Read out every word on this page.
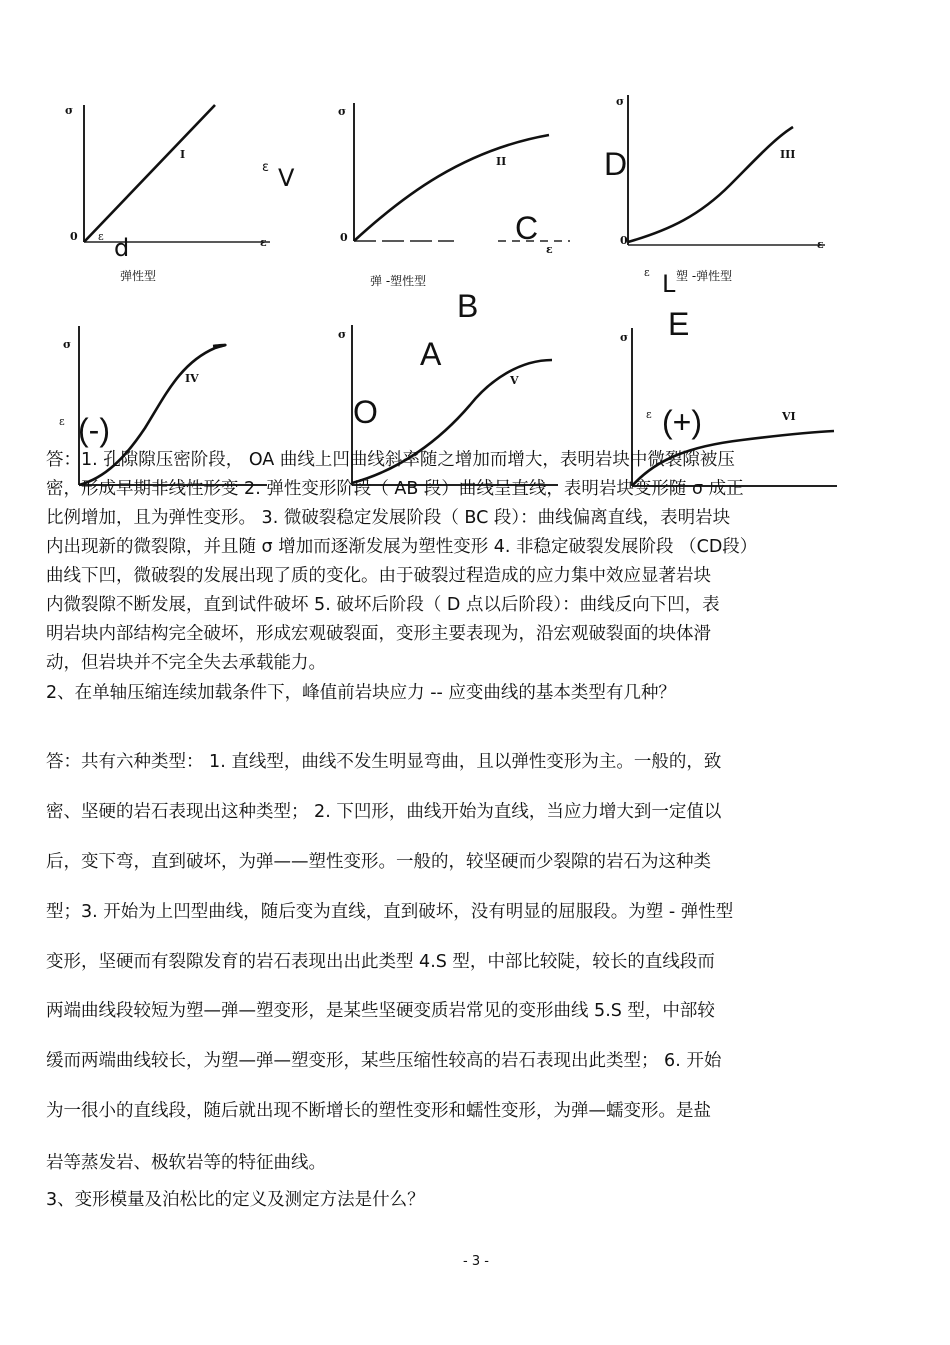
σ
0	ε
ε
I
弹性型
σ
0
ε
II
弹 -塑性型
σ
0	ε
III
ε 塑 -弹性型
σ
IV
ε
σ
V
σ
VI
ε
V
ε
d
D
C
B
L
E
A
O
(-)	(+)
答：1. 孔隙隙压密阶段， OA 曲线上凹曲线斜率随之增加而增大，表明岩块中微裂隙被压
密，形成早期非线性形变 2. 弹性变形阶段（ AB 段）曲线呈直线，表明岩块变形随 σ 成正
比例增加，且为弹性变形。 3. 微破裂稳定发展阶段（ BC 段）：曲线偏离直线，表明岩块
内出现新的微裂隙，并且随 σ 增加而逐渐发展为塑性变形 4. 非稳定破裂发展阶段 （CD段）
曲线下凹，微破裂的发展出现了质的变化。由于破裂过程造成的应力集中效应显著岩块
内微裂隙不断发展，直到试件破坏 5. 破坏后阶段（ D 点以后阶段）：曲线反向下凹，表
明岩块内部结构完全破坏，形成宏观破裂面，变形主要表现为，沿宏观破裂面的块体滑
动，但岩块并不完全失去承载能力。
2、在单轴压缩连续加载条件下，峰值前岩块应力 -- 应变曲线的基本类型有几种？
答：共有六种类型： 1. 直线型，曲线不发生明显弯曲，且以弹性变形为主。一般的，致
密、坚硬的岩石表现出这种类型； 2. 下凹形，曲线开始为直线，当应力增大到一定值以
后，变下弯，直到破坏，为弹——塑性变形。一般的，较坚硬而少裂隙的岩石为这种类
型；3. 开始为上凹型曲线，随后变为直线，直到破坏，没有明显的屈服段。为塑 - 弹性型
变形，坚硬而有裂隙发育的岩石表现出出此类型 4.S 型，中部比较陡，较长的直线段而
两端曲线段较短为塑—弹—塑变形，是某些坚硬变质岩常见的变形曲线 5.S 型，中部较
缓而两端曲线较长，为塑—弹—塑变形，某些压缩性较高的岩石表现出此类型； 6. 开始
为一很小的直线段，随后就出现不断增长的塑性变形和蠕性变形，为弹—蠕变形。是盐
岩等蒸发岩、极软岩等的特征曲线。
3、变形模量及泊松比的定义及测定方法是什么？
- 3 -
